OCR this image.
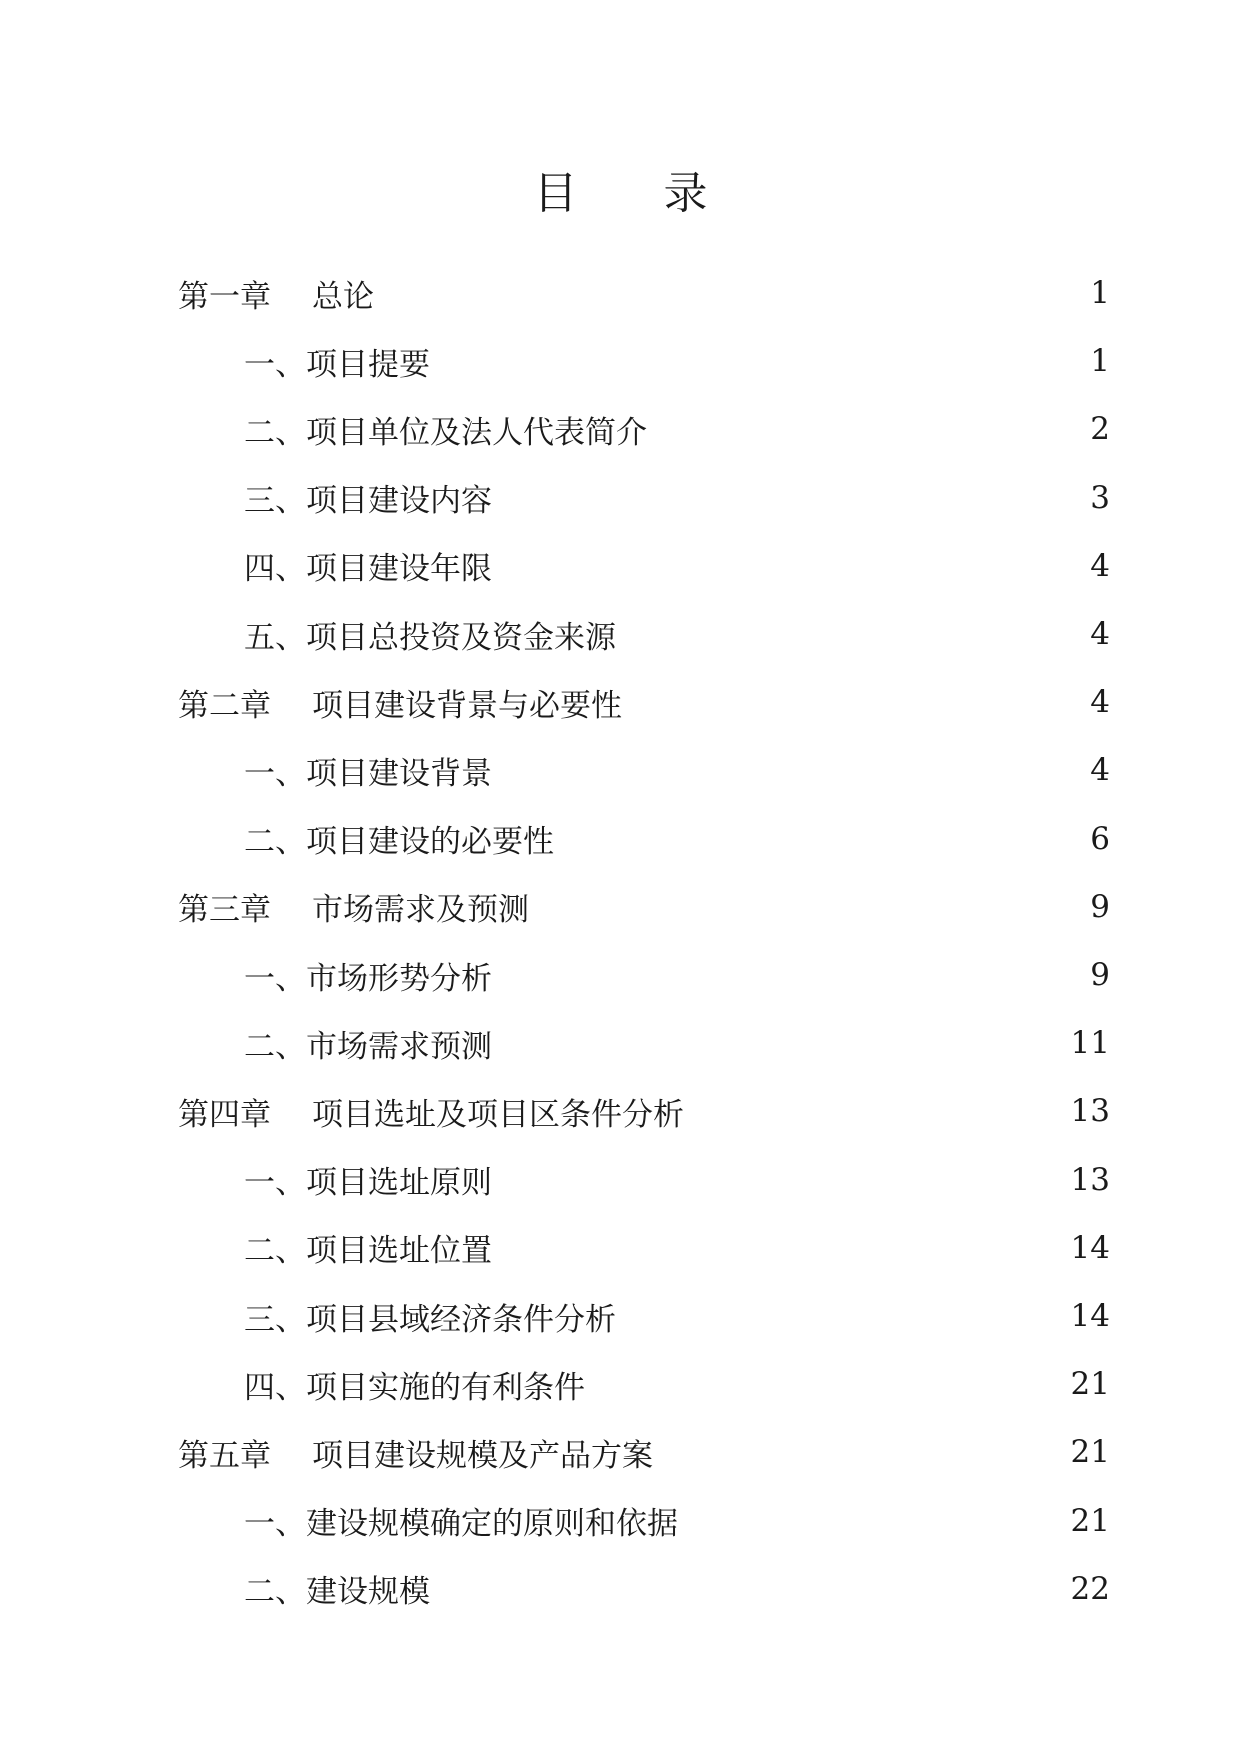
目 录
第一章	总论	1
一、项目提要	1
二、项目单位及法人代表简介	2
三、项目建设内容	3
四、项目建设年限	4
五、项目总投资及资金来源	4
第二章	项目建设背景与必要性	4
一、项目建设背景	4
二、项目建设的必要性	6
第三章	市场需求及预测	9
一、市场形势分析	9
二、市场需求预测	11
第四章	项目选址及项目区条件分析	13
一、项目选址原则	13
二、项目选址位置	14
三、项目县域经济条件分析	14
四、项目实施的有利条件	21
第五章	项目建设规模及产品方案	21
一、建设规模确定的原则和依据	21
二、建设规模	22
